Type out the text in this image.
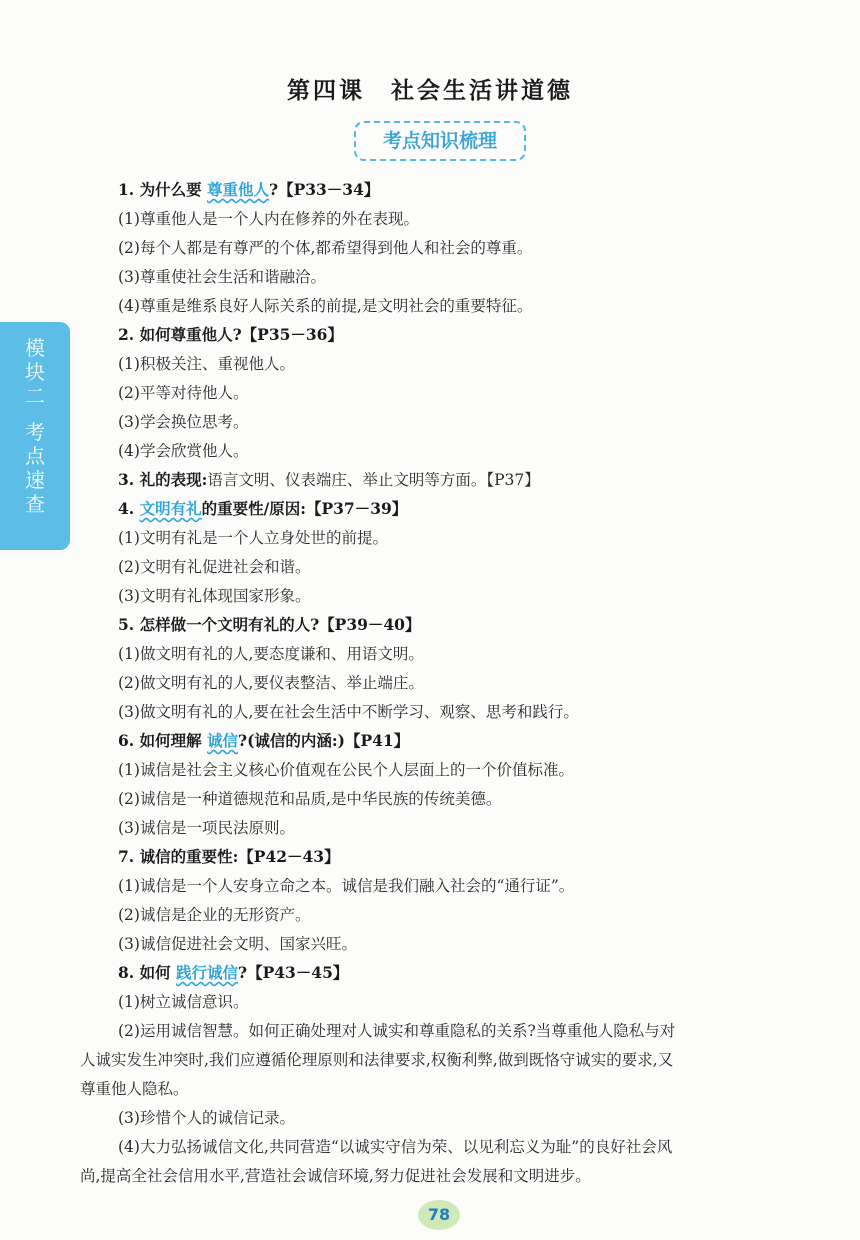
第四课　社会生活讲道德
考点知识梳理
模块二
考点速查
1. 为什么要 尊重他人?【P33－34】
(1)尊重他人是一个人内在修养的外在表现。
(2)每个人都是有尊严的个体,都希望得到他人和社会的尊重。
(3)尊重使社会生活和谐融洽。
(4)尊重是维系良好人际关系的前提,是文明社会的重要特征。
2. 如何尊重他人?【P35－36】
(1)积极关注、重视他人。
(2)平等对待他人。
(3)学会换位思考。
(4)学会欣赏他人。
3. 礼的表现:语言文明、仪表端庄、举止文明等方面。【P37】
4. 文明有礼的重要性/原因:【P37－39】
(1)文明有礼是一个人立身处世的前提。
(2)文明有礼促进社会和谐。
(3)文明有礼体现国家形象。
5. 怎样做一个文明有礼的人?【P39－40】
(1)做文明有礼的人,要态度谦和、用语文明。
(2)做文明有礼的人,要仪表整洁、举止端庄。
(3)做文明有礼的人,要在社会生活中不断学习、观察、思考和践行。
6. 如何理解 诚信?(诚信的内涵:)【P41】
(1)诚信是社会主义核心价值观在公民个人层面上的一个价值标准。
(2)诚信是一种道德规范和品质,是中华民族的传统美德。
(3)诚信是一项民法原则。
7. 诚信的重要性:【P42－43】
(1)诚信是一个人安身立命之本。诚信是我们融入社会的“通行证”。
(2)诚信是企业的无形资产。
(3)诚信促进社会文明、国家兴旺。
8. 如何 践行诚信?【P43－45】
(1)树立诚信意识。
(2)运用诚信智慧。如何正确处理对人诚实和尊重隐私的关系?当尊重他人隐私与对
人诚实发生冲突时,我们应遵循伦理原则和法律要求,权衡利弊,做到既恪守诚实的要求,又
尊重他人隐私。
(3)珍惜个人的诚信记录。
(4)大力弘扬诚信文化,共同营造“以诚实守信为荣、以见利忘义为耻”的良好社会风
尚,提高全社会信用水平,营造社会诚信环境,努力促进社会发展和文明进步。
78
